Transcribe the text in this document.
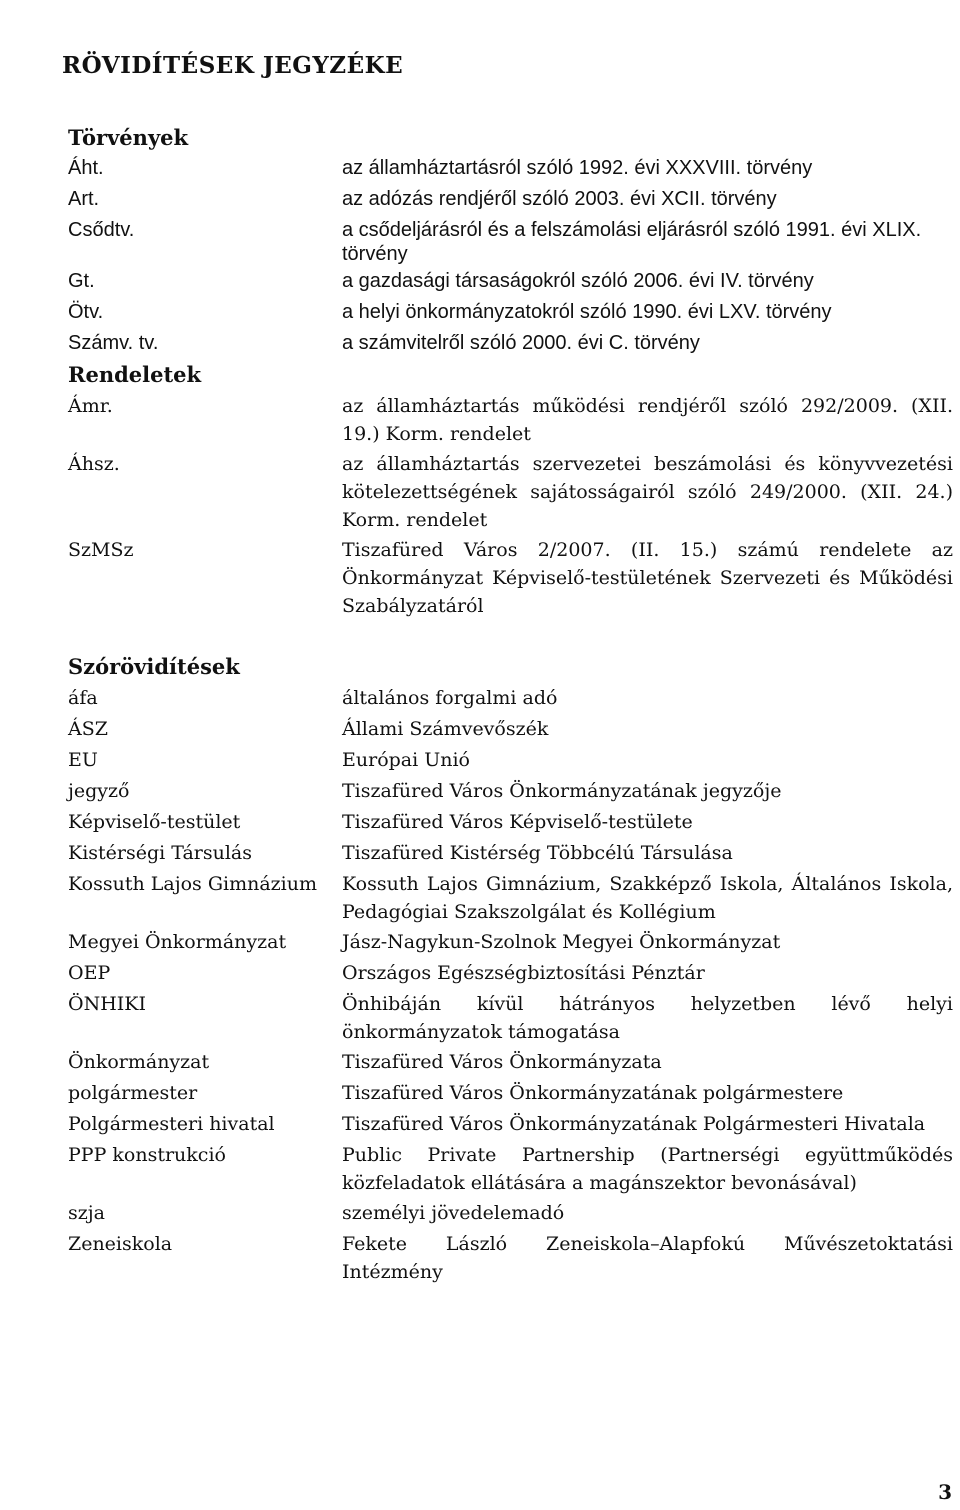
RÖVIDÍTÉSEK JEGYZÉKE
Törvények
Áht.	az államháztartásról szóló 1992. évi XXXVIII. törvény
Art.	az adózás rendjéről szóló 2003. évi XCII. törvény
Csődtv.	a csődeljárásról és a felszámolási eljárásról szóló 1991. évi XLIX. törvény
Gt.	a gazdasági társaságokról szóló 2006. évi IV. törvény
Ötv.	a helyi önkormányzatokról szóló 1990. évi LXV. törvény
Számv. tv.	a számvitelről szóló 2000. évi C. törvény
Rendeletek
Ámr.	az államháztartás működési rendjéről szóló 292/2009. (XII. 19.) Korm. rendelet
Áhsz.	az államháztartás szervezetei beszámolási és könyvvezetési kötelezettségének sajátosságairól szóló 249/2000. (XII. 24.) Korm. rendelet
SzMSz	Tiszafüred Város 2/2007. (II. 15.) számú rendelete az Önkormányzat Képviselő-testületének Szervezeti és Működési Szabályzatáról
Szórövidítések
áfa	általános forgalmi adó
ÁSZ	Állami Számvevőszék
EU	Európai Unió
jegyző	Tiszafüred Város Önkormányzatának jegyzője
Képviselő-testület	Tiszafüred Város Képviselő-testülete
Kistérségi Társulás	Tiszafüred Kistérség Többcélú Társulása
Kossuth Lajos Gimnázium	Kossuth Lajos Gimnázium, Szakképző Iskola, Általános Iskola, Pedagógiai Szakszolgálat és Kollégium
Megyei Önkormányzat	Jász-Nagykun-Szolnok Megyei Önkormányzat
OEP	Országos Egészségbiztosítási Pénztár
ÖNHIKI	Önhibáján kívül hátrányos helyzetben lévő helyi önkormányzatok támogatása
Önkormányzat	Tiszafüred Város Önkormányzata
polgármester	Tiszafüred Város Önkormányzatának polgármestere
Polgármesteri hivatal	Tiszafüred Város Önkormányzatának Polgármesteri Hivatala
PPP konstrukció	Public Private Partnership (Partnerségi együttműködés közfeladatok ellátására a magánszektor bevonásával)
szja	személyi jövedelemadó
Zeneiskola	Fekete László Zeneiskola–Alapfokú Művészetoktatási Intézmény
3
